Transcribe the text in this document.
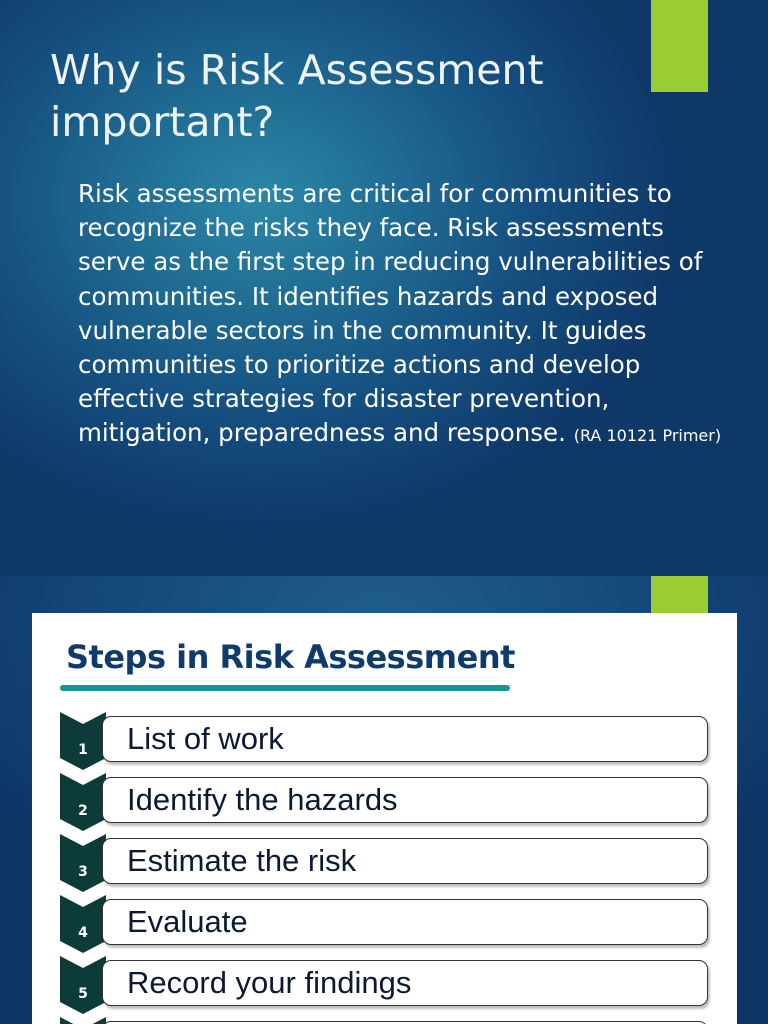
Why is Risk Assessment important?

Risk assessments are critical for communities to recognize the risks they face. Risk assessments serve as the first step in reducing vulnerabilities of communities. It identifies hazards and exposed vulnerable sectors in the community. It guides communities to prioritize actions and develop effective strategies for disaster prevention, mitigation, preparedness and response. (RA 10121 Primer)

Steps in Risk Assessment
1	List of work
2	Identify the hazards
3	Estimate the risk
4	Evaluate
5	Record your findings
